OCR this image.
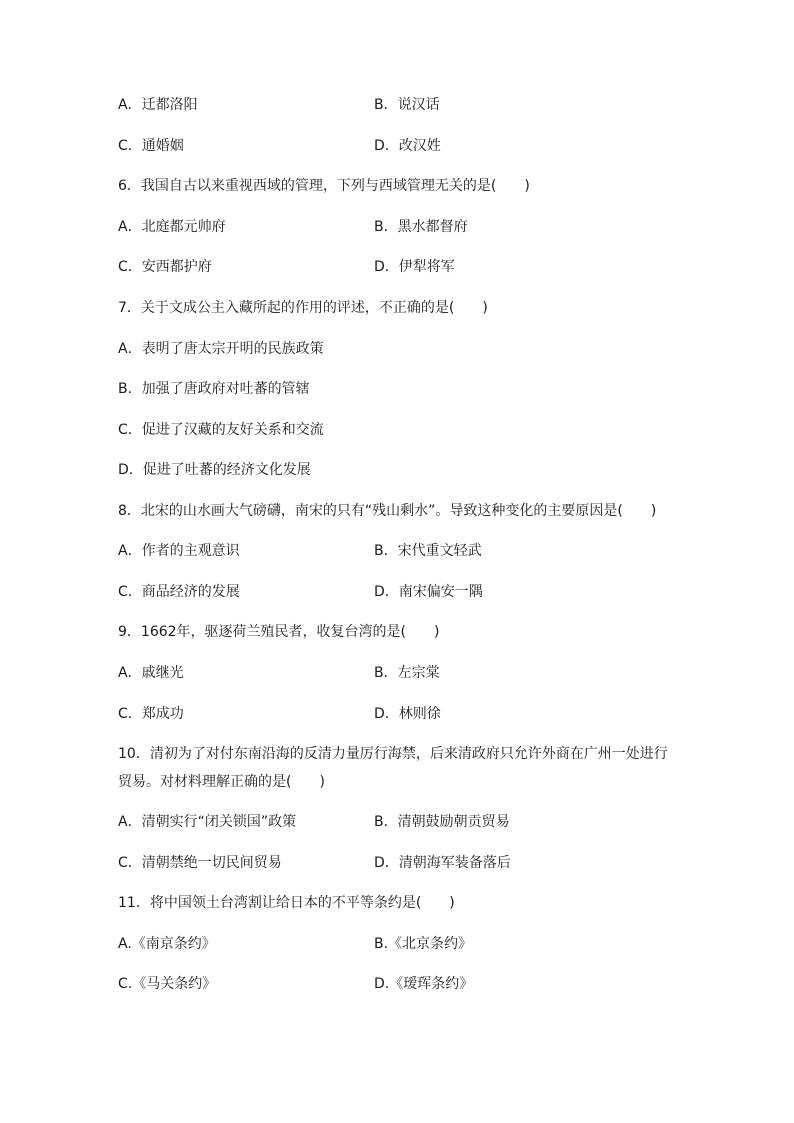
A．迁都洛阳	B．说汉话
C．通婚姻	D．改汉姓
6．我国自古以来重视西域的管理，下列与西域管理无关的是(　　)
A．北庭都元帅府	B．黑水都督府
C．安西都护府	D．伊犁将军
7．关于文成公主入藏所起的作用的评述，不正确的是(　　)
A．表明了唐太宗开明的民族政策
B．加强了唐政府对吐蕃的管辖
C．促进了汉藏的友好关系和交流
D．促进了吐蕃的经济文化发展
8．北宋的山水画大气磅礴，南宋的只有“残山剩水”。导致这种变化的主要原因是(　　)
A．作者的主观意识	B．宋代重文轻武
C．商品经济的发展	D．南宋偏安一隅
9．1662年，驱逐荷兰殖民者，收复台湾的是(　　)
A．戚继光	B．左宗棠
C．郑成功	D．林则徐
10．清初为了对付东南沿海的反清力量厉行海禁，后来清政府只允许外商在广州一处进行
贸易。对材料理解正确的是(　　)
A．清朝实行“闭关锁国”政策	B．清朝鼓励朝贡贸易
C．清朝禁绝一切民间贸易	D．清朝海军装备落后
11．将中国领土台湾割让给日本的不平等条约是(　　)
A.《南京条约》	B.《北京条约》
C.《马关条约》	D.《瑷珲条约》
